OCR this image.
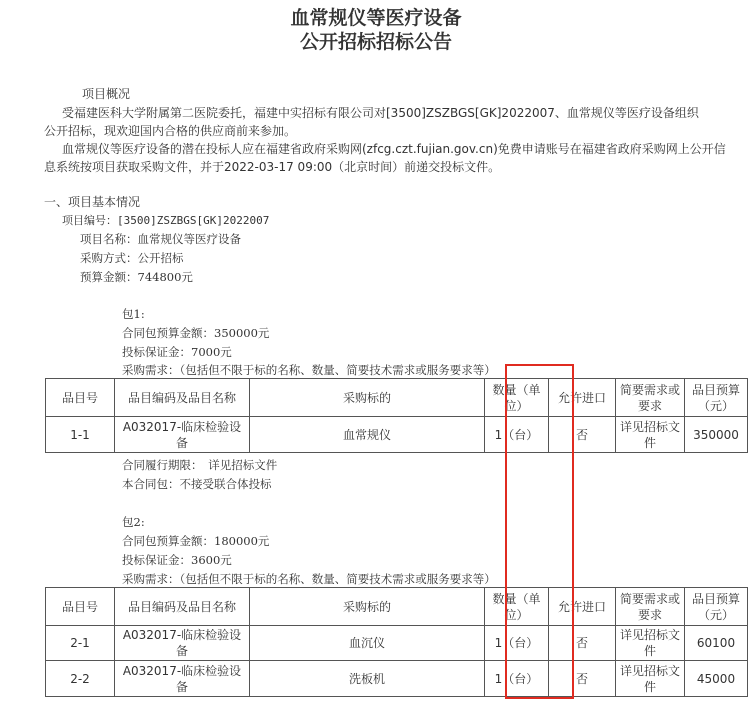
血常规仪等医疗设备
公开招标招标公告
项目概况
受福建医科大学附属第二医院委托，福建中实招标有限公司对[3500]ZSZBGS[GK]2022007、血常规仪等医疗设备组织
公开招标，现欢迎国内合格的供应商前来参加。
血常规仪等医疗设备的潜在投标人应在福建省政府采购网(zfcg.czt.fujian.gov.cn)免费申请账号在福建省政府采购网上公开信
息系统按项目获取采购文件，并于2022-03-17 09:00（北京时间）前递交投标文件。
一、项目基本情况
项目编号：[3500]ZSZBGS[GK]2022007
项目名称：血常规仪等医疗设备
采购方式：公开招标
预算金额：744800元
包1:
合同包预算金额：350000元
投标保证金：7000元
采购需求：（包括但不限于标的名称、数量、简要技术需求或服务要求等）
品目号	品目编码及品目名称	采购标的	数量（单
位）	允许进口	简要需求或
要求	品目预算
（元）
1-1	A032017-临床检验设备	血常规仪	1（台）	否	详见招标文
件	350000
合同履行期限：　详见招标文件
本合同包：不接受联合体投标
包2:
合同包预算金额：180000元
投标保证金：3600元
采购需求：（包括但不限于标的名称、数量、简要技术需求或服务要求等）
品目号	品目编码及品目名称	采购标的	数量（单
位）	允许进口	简要需求或
要求	品目预算
（元）
2-1	A032017-临床检验设备	血沉仪	1（台）	否	详见招标文
件	60100
2-2	A032017-临床检验设备	洗板机	1（台）	否	详见招标文
件	45000
